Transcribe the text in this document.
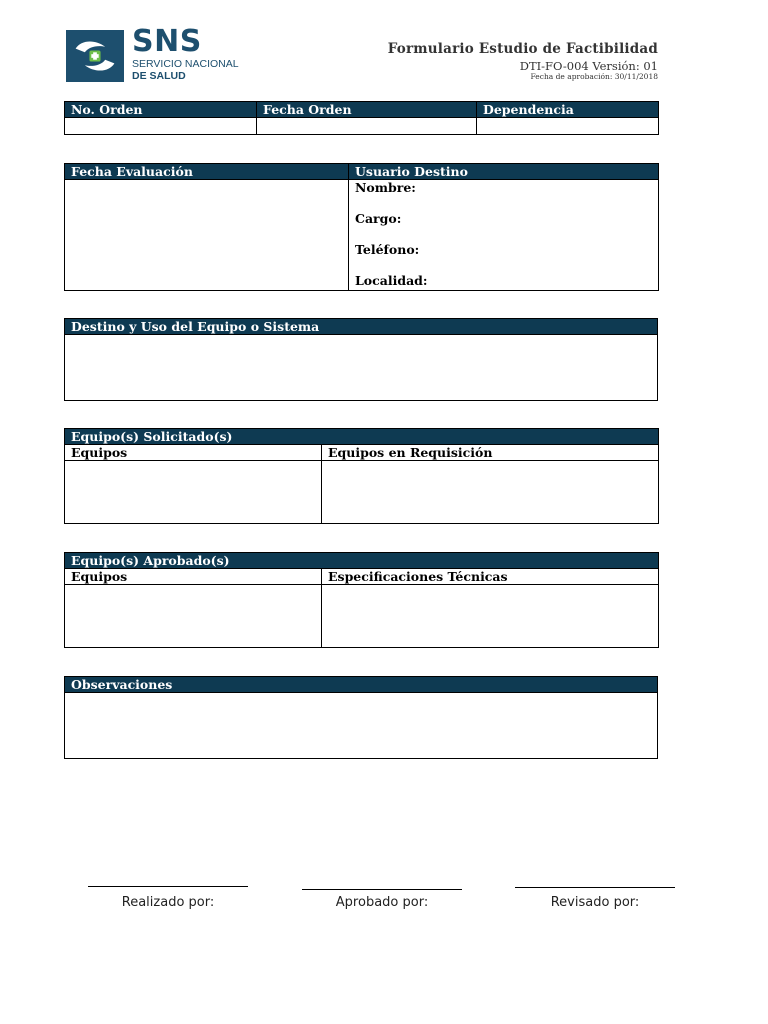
SNS
SERVICIO NACIONAL
DE SALUD
Formulario Estudio de Factibilidad
DTI-FO-004 Versión: 01
Fecha de aprobación: 30/11/2018
No. Orden	Fecha Orden	Dependencia

Fecha Evaluación	Usuario Destino

	Nombre:
Cargo:
Teléfono:
Localidad:
Destino y Uso del Equipo o Sistema

Equipo(s) Solicitado(s)	
Equipos	Equipos en Requisición

Equipo(s) Aprobado(s)	
Equipos	Especificaciones Técnicas

Observaciones

Realizado por:	Aprobado por:	Revisado por:
